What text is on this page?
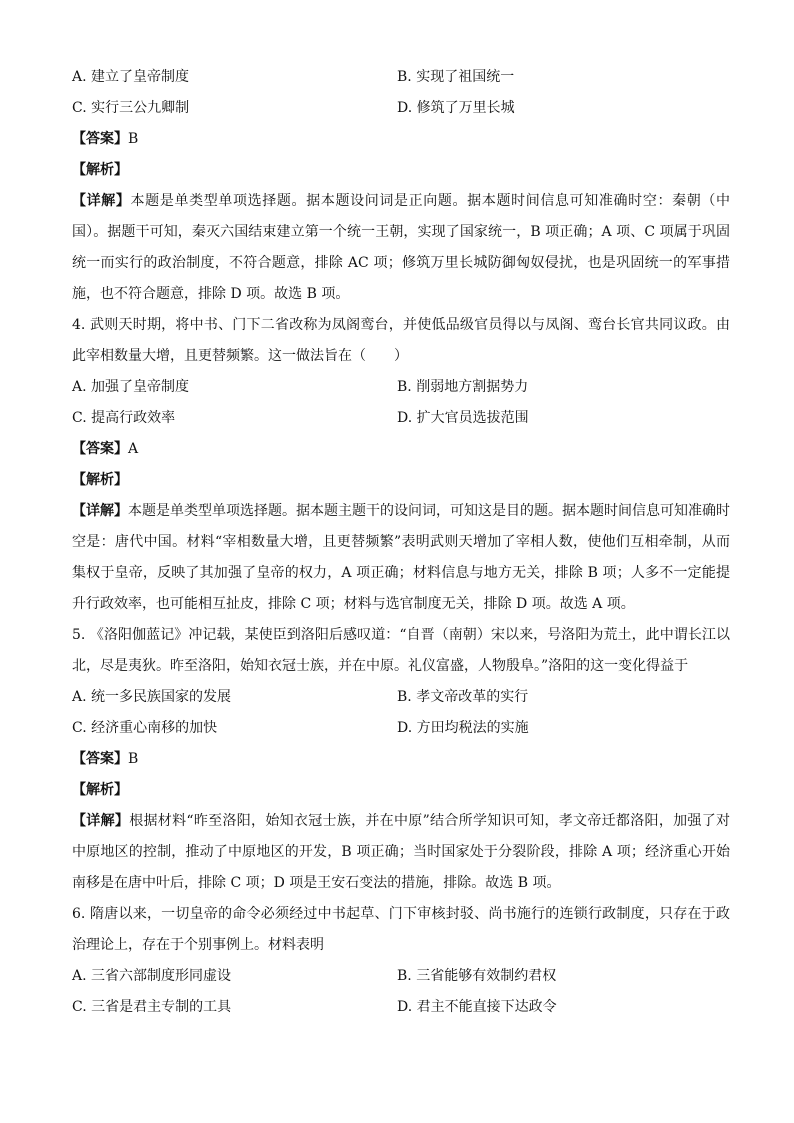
A. 建立了皇帝制度	B. 实现了祖国统一
C. 实行三公九卿制	D. 修筑了万里长城
【答案】B
【解析】

【详解】本题是单类型单项选择题。据本题设问词是正向题。据本题时间信息可知准确时空：秦朝（中国）。据题干可知，秦灭六国结束建立第一个统一王朝，实现了国家统一，B 项正确；A 项、C 项属于巩固统一而实行的政治制度，不符合题意，排除 AC 项；修筑万里长城防御匈奴侵扰，也是巩固统一的军事措施，也不符合题意，排除 D 项。故选 B 项。

4. 武则天时期，将中书、门下二省改称为凤阁鸾台，并使低品级官员得以与凤阁、鸾台长官共同议政。由此宰相数量大增，且更替频繁。这一做法旨在（　　）

A. 加强了皇帝制度	B. 削弱地方割据势力
C. 提高行政效率	D. 扩大官员选拔范围
【答案】A
【解析】

【详解】本题是单类型单项选择题。据本题主题干的设问词，可知这是目的题。据本题时间信息可知准确时空是：唐代中国。材料“宰相数量大增，且更替频繁”表明武则天增加了宰相人数，使他们互相牵制，从而集权于皇帝，反映了其加强了皇帝的权力，A 项正确；材料信息与地方无关，排除 B 项；人多不一定能提升行政效率，也可能相互扯皮，排除 C 项；材料与选官制度无关，排除 D 项。故选 A 项。

5. 《洛阳伽蓝记》冲记载，某使臣到洛阳后感叹道：“自晋（南朝）宋以来，号洛阳为荒土，此中谓长江以北，尽是夷狄。昨至洛阳，始知衣冠士族，并在中原。礼仪富盛，人物殷阜。”洛阳的这一变化得益于

A. 统一多民族国家的发展	B. 孝文帝改革的实行
C. 经济重心南移的加快	D. 方田均税法的实施
【答案】B
【解析】

【详解】根据材料“昨至洛阳，始知衣冠士族，并在中原”结合所学知识可知，孝文帝迁都洛阳，加强了对中原地区的控制，推动了中原地区的开发，B 项正确；当时国家处于分裂阶段，排除 A 项；经济重心开始南移是在唐中叶后，排除 C 项；D 项是王安石变法的措施，排除。故选 B 项。

6. 隋唐以来，一切皇帝的命令必须经过中书起草、门下审核封驳、尚书施行的连锁行政制度，只存在于政治理论上，存在于个别事例上。材料表明

A. 三省六部制度形同虚设	B. 三省能够有效制约君权
C. 三省是君主专制的工具	D. 君主不能直接下达政令
